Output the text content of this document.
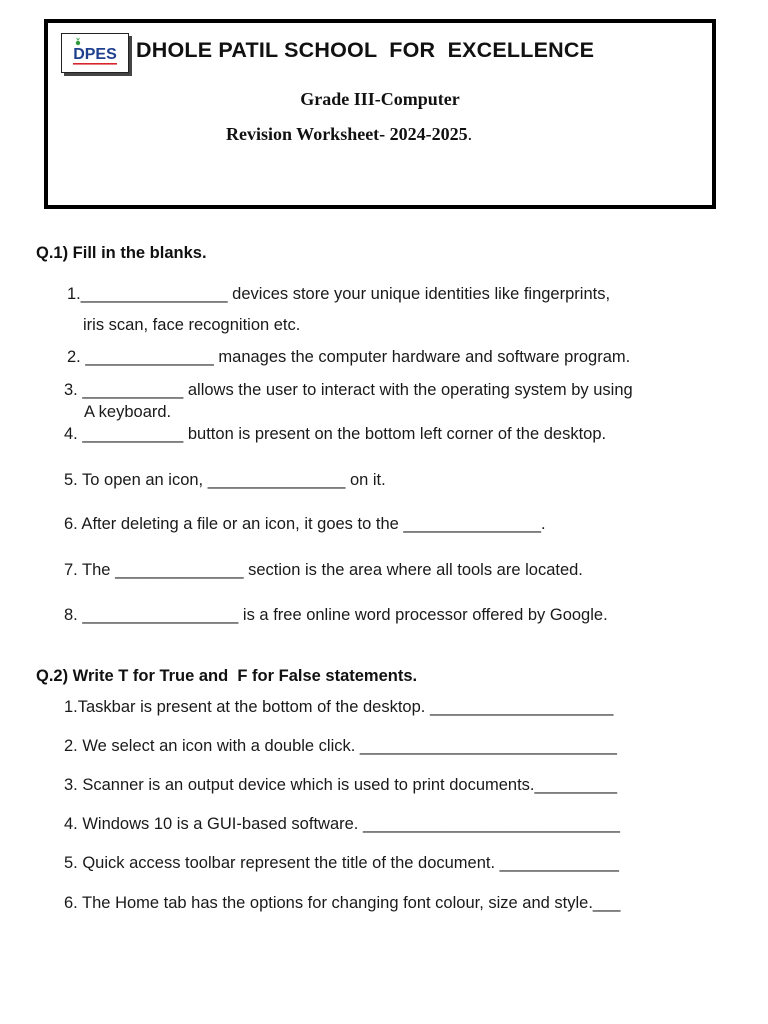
DPES DHOLE PATIL SCHOOL  FOR  EXCELLENCE
Grade III-Computer
Revision Worksheet- 2024-2025.
Q.1) Fill in the blanks.
1.________________ devices store your unique identities like fingerprints,
iris scan, face recognition etc.
2. ______________ manages the computer hardware and software program.
3. ___________ allows the user to interact with the operating system by using
A keyboard.
4. ___________ button is present on the bottom left corner of the desktop.
5. To open an icon, _______________ on it.
6. After deleting a file or an icon, it goes to the _______________.
7. The ______________ section is the area where all tools are located.
8. _________________ is a free online word processor offered by Google.
Q.2) Write T for True and  F for False statements.
1.Taskbar is present at the bottom of the desktop. ____________________
2. We select an icon with a double click. ____________________________
3. Scanner is an output device which is used to print documents._________
4. Windows 10 is a GUI-based software. ____________________________
5. Quick access toolbar represent the title of the document. _____________
6. The Home tab has the options for changing font colour, size and style.___
